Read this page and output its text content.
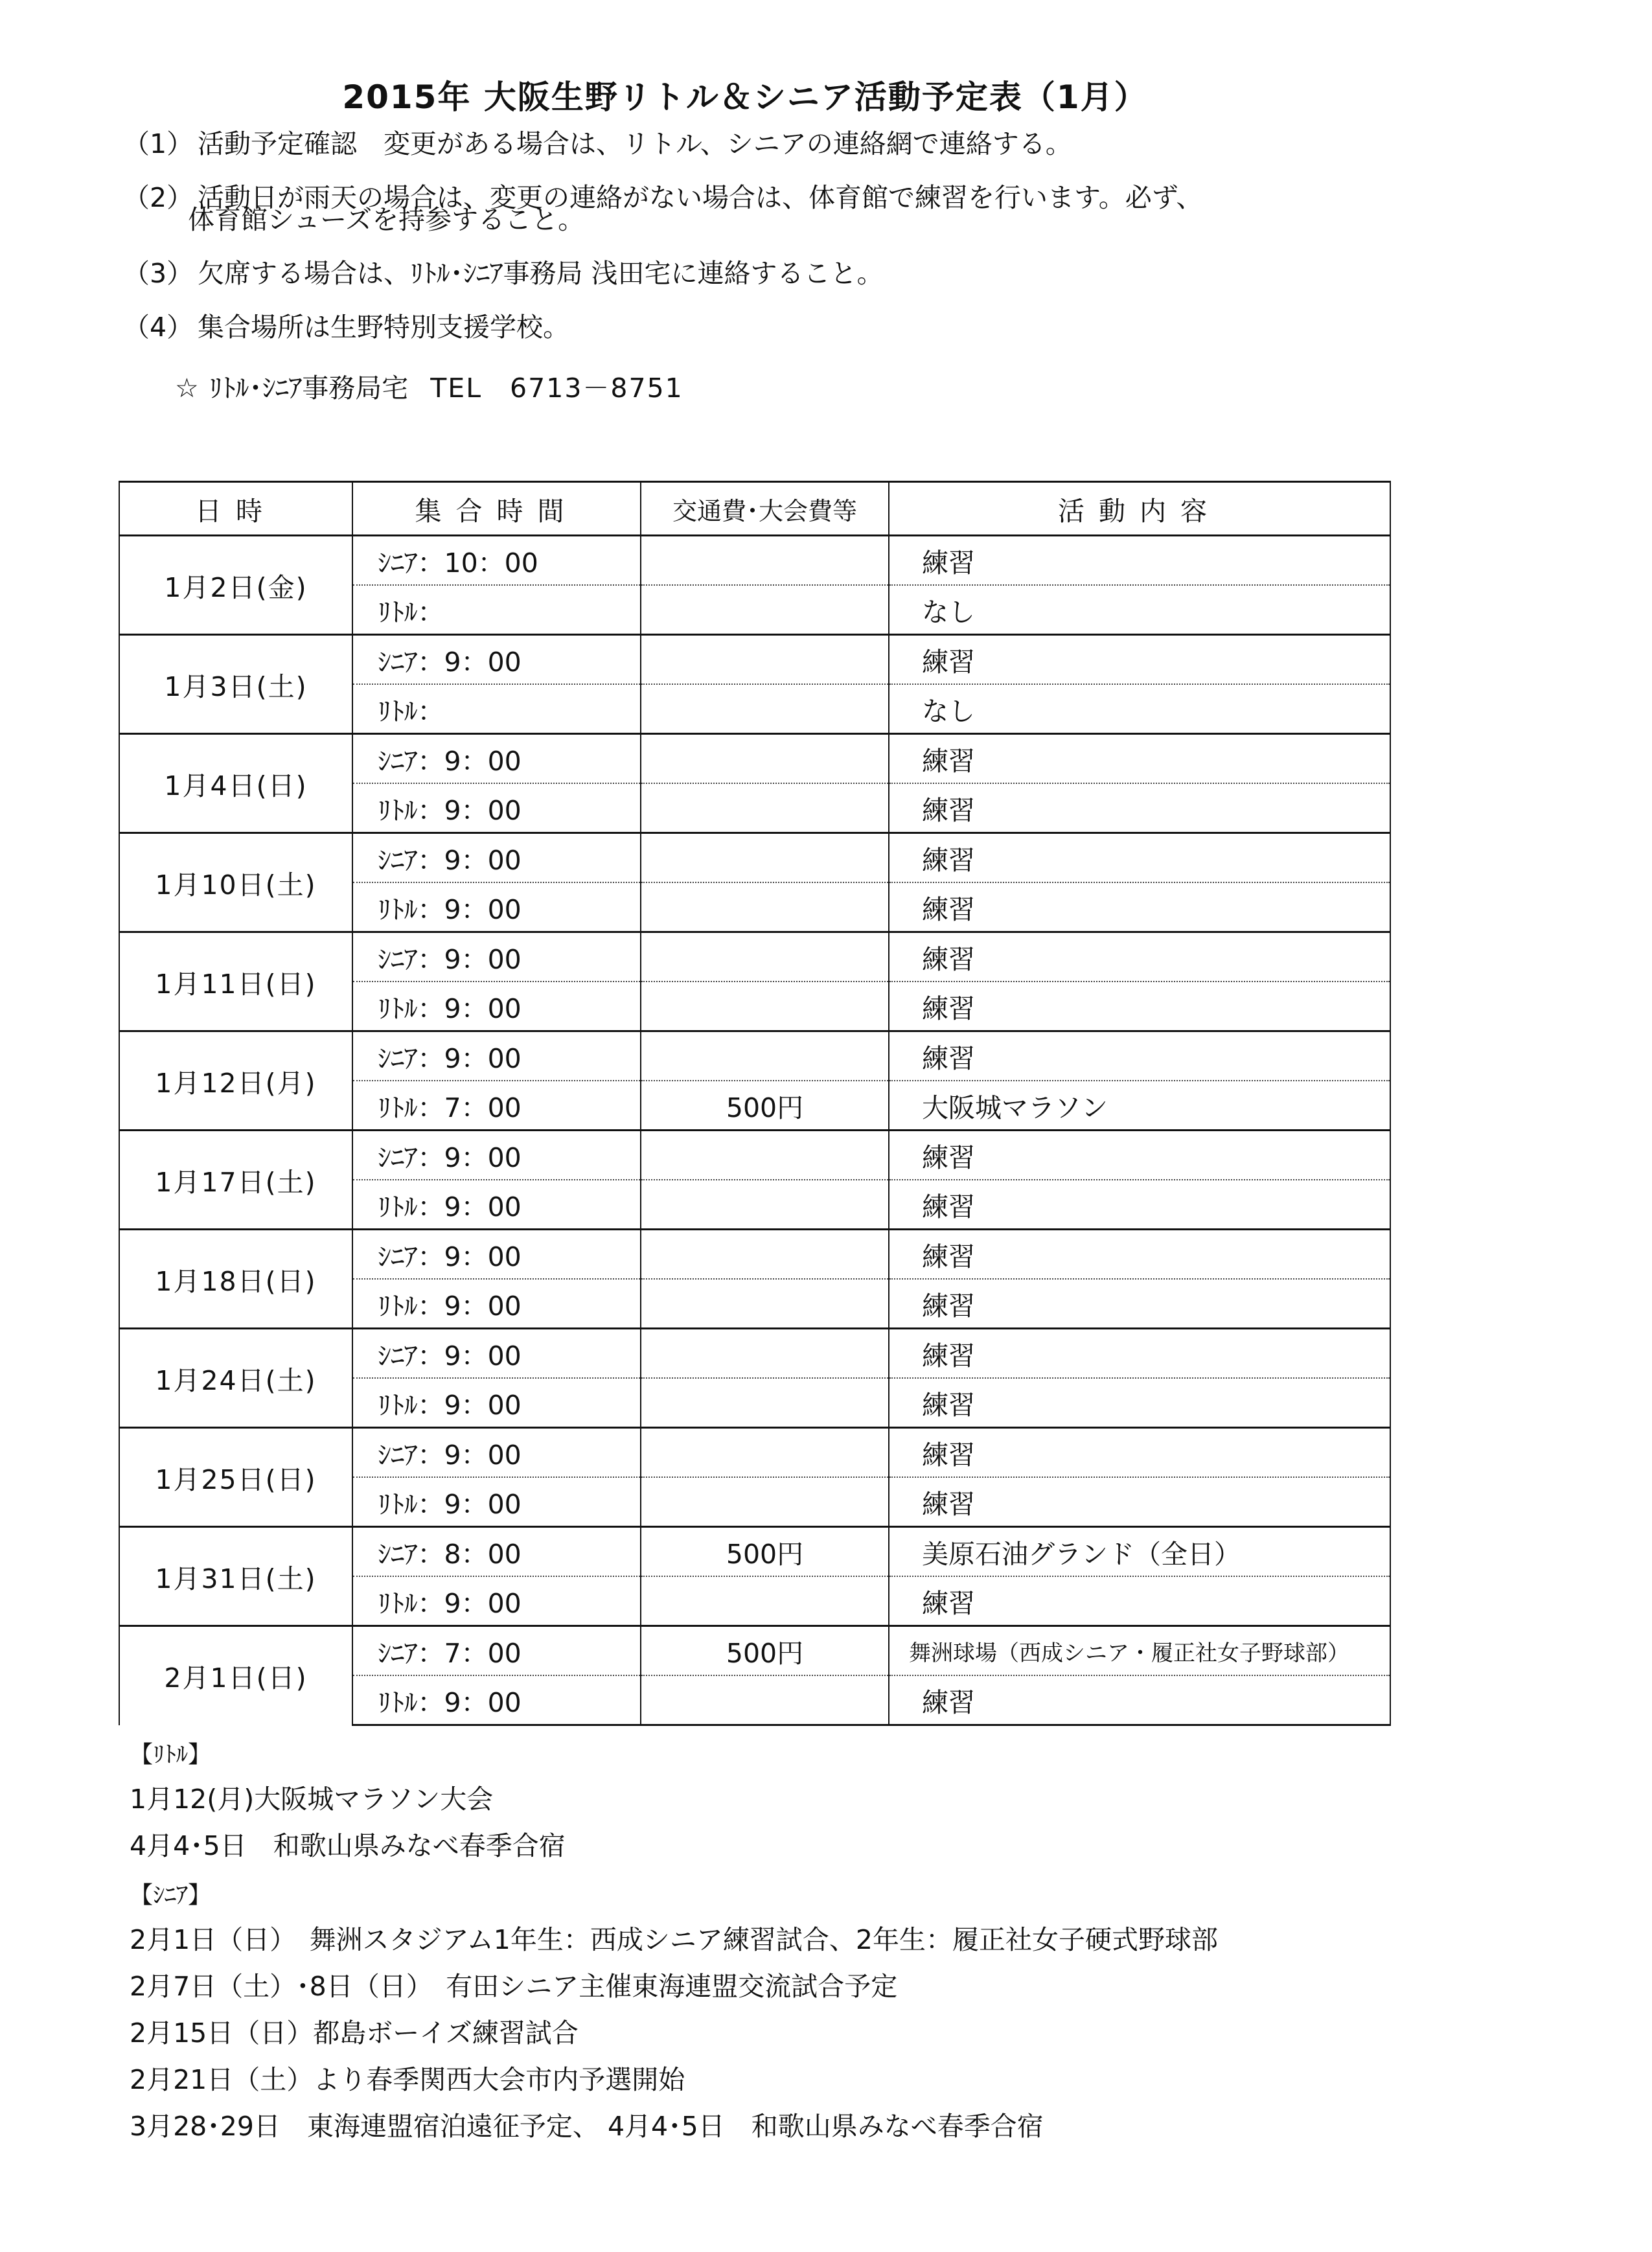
2015年 大阪生野リトル＆シニア活動予定表（1月）
（1） 活動予定確認　変更がある場合は、リトル、シニアの連絡網で連絡する。
（2） 活動日が雨天の場合は、変更の連絡がない場合は、体育館で練習を行います。必ず、
体育館シューズを持参すること。
（3） 欠席する場合は、ﾘﾄﾙ･ｼﾆｱ事務局 浅田宅に連絡すること。
（4） 集合場所は生野特別支援学校。
☆ ﾘﾄﾙ･ｼﾆｱ事務局宅 TEL　6713－8751
日時	集合時間	交通費･大会費等	活動内容
1月2日(金)	ｼﾆｱ：10：00		練習
	ﾘﾄﾙ：		なし
1月3日(土)	ｼﾆｱ：9：00		練習
	ﾘﾄﾙ：		なし
1月4日(日)	ｼﾆｱ：9：00		練習
	ﾘﾄﾙ：9：00		練習
1月10日(土)	ｼﾆｱ：9：00		練習
	ﾘﾄﾙ：9：00		練習
1月11日(日)	ｼﾆｱ：9：00		練習
	ﾘﾄﾙ：9：00		練習
1月12日(月)	ｼﾆｱ：9：00		練習
	ﾘﾄﾙ：7：00	500円	大阪城マラソン
1月17日(土)	ｼﾆｱ：9：00		練習
	ﾘﾄﾙ：9：00		練習
1月18日(日)	ｼﾆｱ：9：00		練習
	ﾘﾄﾙ：9：00		練習
1月24日(土)	ｼﾆｱ：9：00		練習
	ﾘﾄﾙ：9：00		練習
1月25日(日)	ｼﾆｱ：9：00		練習
	ﾘﾄﾙ：9：00		練習
1月31日(土)	ｼﾆｱ：8：00	500円	美原石油グランド（全日）
	ﾘﾄﾙ：9：00		練習
2月1日(日)	ｼﾆｱ：7：00	500円	舞洲球場（西成シニア・履正社女子野球部）
	ﾘﾄﾙ：9：00		練習
【ﾘﾄﾙ】
1月12(月)大阪城マラソン大会
4月4･5日　和歌山県みなべ春季合宿
【ｼﾆｱ】
2月1日（日）　舞洲スタジアム1年生：西成シニア練習試合、2年生：履正社女子硬式野球部
2月7日（土）･8日（日）　有田シニア主催東海連盟交流試合予定
2月15日（日）都島ボーイズ練習試合
2月21日（土）より春季関西大会市内予選開始
3月28･29日　東海連盟宿泊遠征予定、 4月4･5日　和歌山県みなべ春季合宿
